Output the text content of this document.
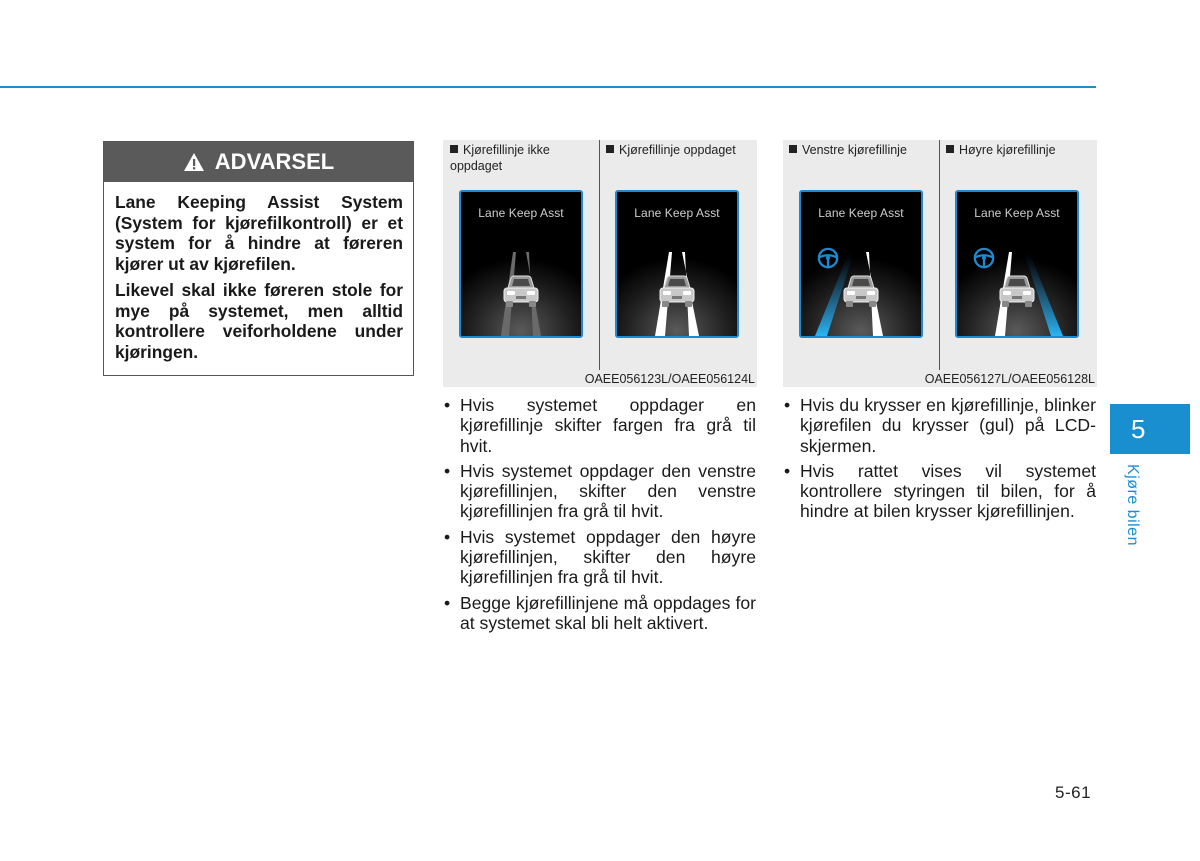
ADVARSEL

Lane Keeping Assist System (System for kjørefilkontroll) er et system for å hindre at føreren kjører ut av kjørefilen.

Likevel skal ikke føreren stole for mye på systemet, men alltid kontrollere veiforholdene under kjøringen.

Kjørefillinje ikke oppdaget
Kjørefillinje oppdaget
Lane Keep Asst	Lane Keep Asst
OAEE056123L/OAEE056124L
Venstre kjørefillinje	Høyre kjørefillinje
Lane Keep Asst	Lane Keep Asst
OAEE056127L/OAEE056128L
• Hvis systemet oppdager en kjørefillinje skifter fargen fra grå til hvit.
• Hvis systemet oppdager den venstre kjørefillinjen, skifter den venstre kjørefillinjen fra grå til hvit.
• Hvis systemet oppdager den høyre kjørefillinjen, skifter den høyre kjørefillinjen fra grå til hvit.
• Begge kjørefillinjene må oppdages for at systemet skal bli helt aktivert.
• Hvis du krysser en kjørefillinje, blinker kjørefilen du krysser (gul) på LCD-skjermen.
• Hvis rattet vises vil systemet kontrollere styringen til bilen, for å hindre at bilen krysser kjørefillinjen.
5
Kjøre bilen
5-61
